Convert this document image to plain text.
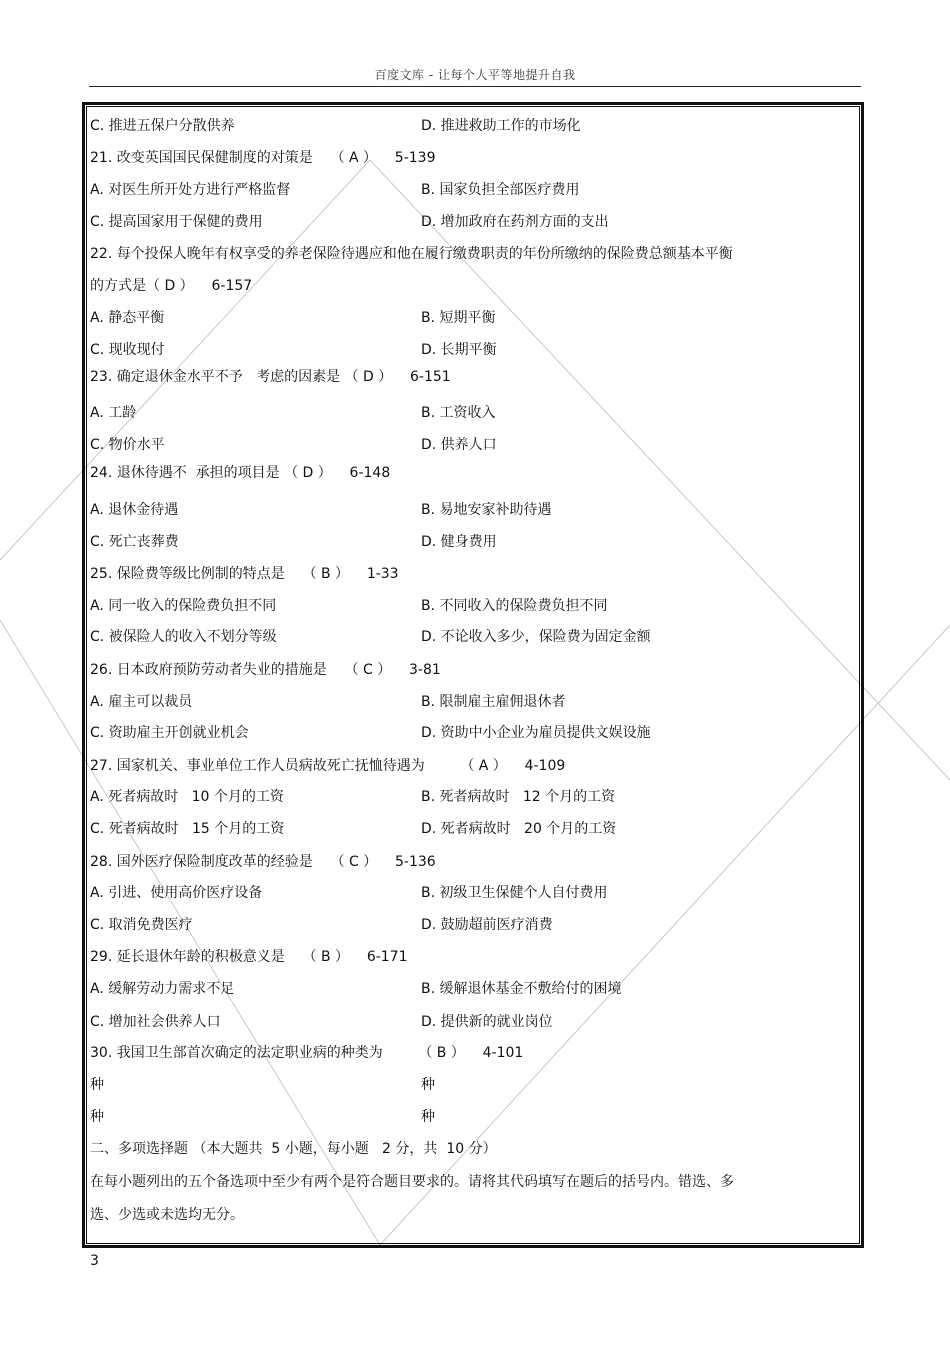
百度文库 - 让每个人平等地提升自我
C. 推进五保户分散供养	D. 推进救助工作的市场化
21. 改变英国国民保健制度的对策是    （ A ）    5-139
A. 对医生所开处方进行严格监督	B. 国家负担全部医疗费用
C. 提高国家用于保健的费用	D. 增加政府在药剂方面的支出
22. 每个投保人晚年有权享受的养老保险待遇应和他在履行缴费职责的年份所缴纳的保险费总额基本平衡
的方式是（ D ）    6-157
A. 静态平衡	B. 短期平衡
C. 现收现付	D. 长期平衡
23. 确定退休金水平不予   考虑的因素是 （ D ）    6-151
A. 工龄	B. 工资收入
C. 物价水平	D. 供养人口
24. 退休待遇不  承担的项目是 （ D ）    6-148
A. 退休金待遇	B. 易地安家补助待遇
C. 死亡丧葬费	D. 健身费用
25. 保险费等级比例制的特点是    （ B ）    1-33
A. 同一收入的保险费负担不同	B. 不同收入的保险费负担不同
C. 被保险人的收入不划分等级	D. 不论收入多少，保险费为固定金额
26. 日本政府预防劳动者失业的措施是    （ C ）    3-81
A. 雇主可以裁员	B. 限制雇主雇佣退休者
C. 资助雇主开创就业机会	D. 资助中小企业为雇员提供文娱设施
27. 国家机关、事业单位工作人员病故死亡抚恤待遇为        （ A ）    4-109
A. 死者病故时   10 个月的工资	B. 死者病故时   12 个月的工资
C. 死者病故时   15 个月的工资	D. 死者病故时   20 个月的工资
28. 国外医疗保险制度改革的经验是    （ C ）    5-136
A. 引进、使用高价医疗设备	B. 初级卫生保健个人自付费用
C. 取消免费医疗	D. 鼓励超前医疗消费
29. 延长退休年龄的积极意义是    （ B ）    6-171
A. 缓解劳动力需求不足	B. 缓解退休基金不敷给付的困境
C. 增加社会供养人口	D. 提供新的就业岗位
30. 我国卫生部首次确定的法定职业病的种类为        （ B ）    4-101
种	种
种	种
二、多项选择题 （本大题共  5 小题，每小题   2 分，共  10 分）
在每小题列出的五个备选项中至少有两个是符合题目要求的。请将其代码填写在题后的括号内。错选、多
选、少选或未选均无分。
3
